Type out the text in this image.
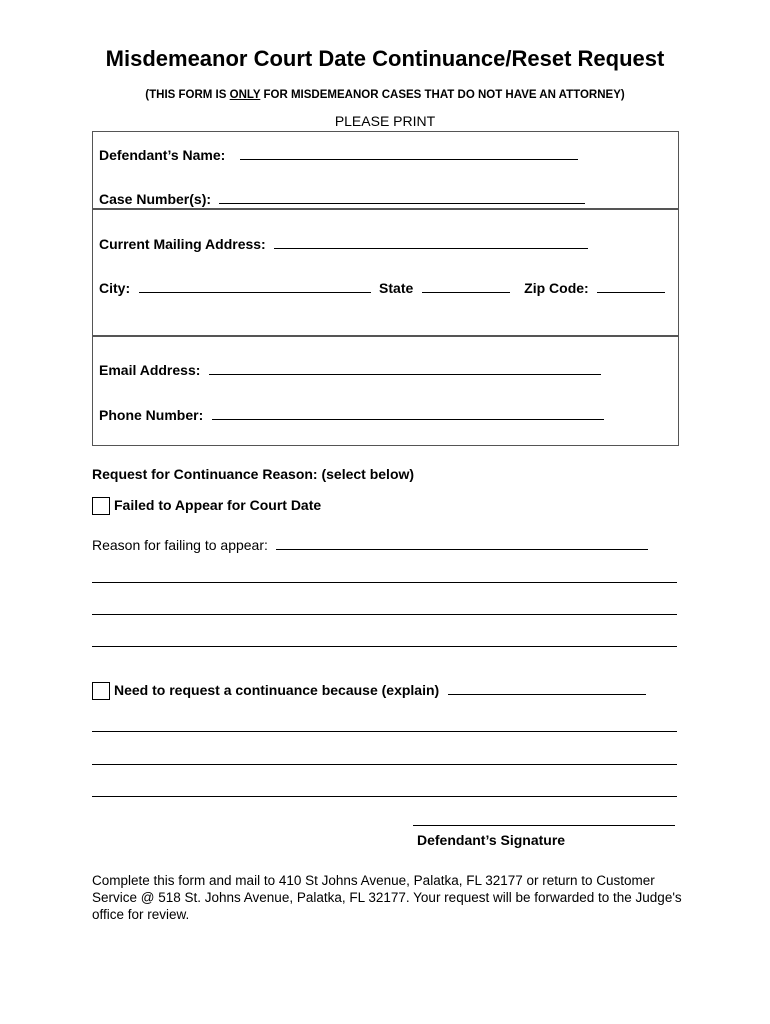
Misdemeanor Court Date Continuance/Reset Request
(THIS FORM IS ONLY FOR MISDEMEANOR CASES THAT DO NOT HAVE AN ATTORNEY)
PLEASE PRINT
Defendant’s Name:
Case Number(s):
Current Mailing Address:
City:	State	Zip Code:
Email Address:
Phone Number:
Request for Continuance Reason: (select below)
Failed to Appear for Court Date
Reason for failing to appear:
Need to request a continuance because (explain)
Defendant’s Signature
Complete this form and mail to 410 St Johns Avenue, Palatka, FL 32177 or return to Customer Service @ 518 St. Johns Avenue, Palatka, FL 32177. Your request will be forwarded to the Judge's office for review.
